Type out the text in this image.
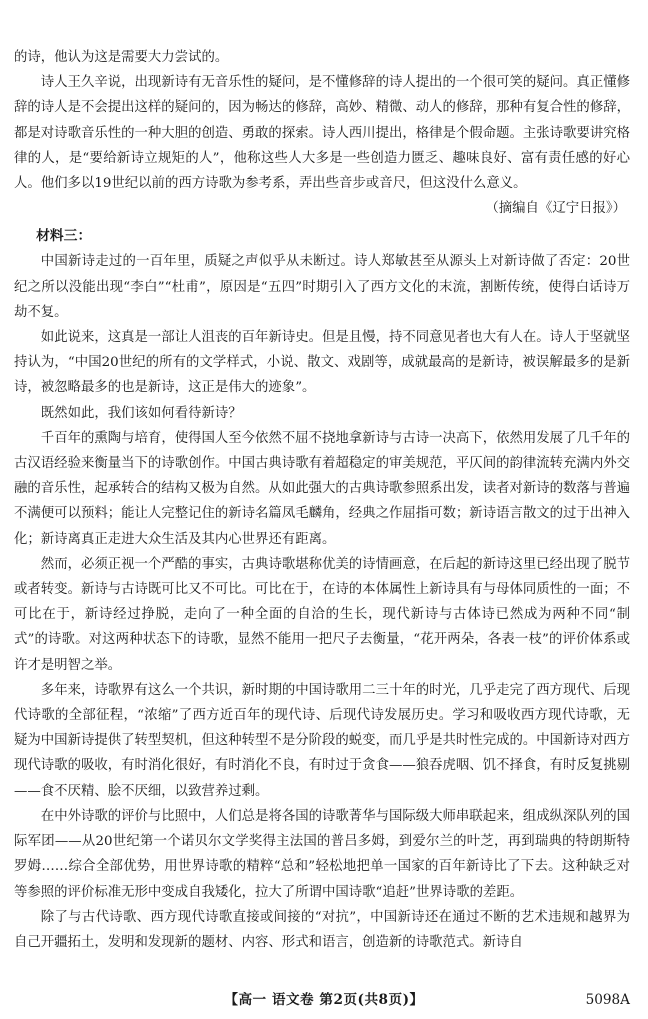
的诗，他认为这是需要大力尝试的。

诗人王久辛说，出现新诗有无音乐性的疑问，是不懂修辞的诗人提出的一个很可笑的疑问。真正懂修辞的诗人是不会提出这样的疑问的，因为畅达的修辞，高妙、精微、动人的修辞，那种有复合性的修辞，都是对诗歌音乐性的一种大胆的创造、勇敢的探索。诗人西川提出，格律是个假命题。主张诗歌要讲究格律的人，是“要给新诗立规矩的人”，他称这些人大多是一些创造力匮乏、趣味良好、富有责任感的好心人。他们多以19世纪以前的西方诗歌为参考系，弄出些音步或音尺，但这没什么意义。

（摘编自《辽宁日报》）
材料三：

中国新诗走过的一百年里，质疑之声似乎从未断过。诗人郑敏甚至从源头上对新诗做了否定：20世纪之所以没能出现“李白”“杜甫”，原因是“五四”时期引入了西方文化的末流，割断传统，使得白话诗万劫不复。

如此说来，这真是一部让人沮丧的百年新诗史。但是且慢，持不同意见者也大有人在。诗人于坚就坚持认为，“中国20世纪的所有的文学样式，小说、散文、戏剧等，成就最高的是新诗，被误解最多的是新诗，被忽略最多的也是新诗，这正是伟大的迹象”。

既然如此，我们该如何看待新诗？

千百年的熏陶与培育，使得国人至今依然不屈不挠地拿新诗与古诗一决高下，依然用发展了几千年的古汉语经验来衡量当下的诗歌创作。中国古典诗歌有着超稳定的审美规范，平仄间的韵律流转充满内外交融的音乐性，起承转合的结构又极为自然。从如此强大的古典诗歌参照系出发，读者对新诗的数落与普遍不满便可以预料；能让人完整记住的新诗名篇凤毛麟角，经典之作屈指可数；新诗语言散文的过于出神入化；新诗离真正走进大众生活及其内心世界还有距离。

然而，必须正视一个严酷的事实，古典诗歌堪称优美的诗情画意，在后起的新诗这里已经出现了脱节或者转变。新诗与古诗既可比又不可比。可比在于，在诗的本体属性上新诗具有与母体同质性的一面；不可比在于，新诗经过挣脱，走向了一种全面的自洽的生长，现代新诗与古体诗已然成为两种不同“制式”的诗歌。对这两种状态下的诗歌，显然不能用一把尺子去衡量，“花开两朵，各表一枝”的评价体系或许才是明智之举。

多年来，诗歌界有这么一个共识，新时期的中国诗歌用二三十年的时光，几乎走完了西方现代、后现代诗歌的全部征程，“浓缩”了西方近百年的现代诗、后现代诗发展历史。学习和吸收西方现代诗歌，无疑为中国新诗提供了转型契机，但这种转型不是分阶段的蜕变，而几乎是共时性完成的。中国新诗对西方现代诗歌的吸收，有时消化很好，有时消化不良，有时过于贪食——狼吞虎咽、饥不择食，有时反复挑剔——食不厌精、脍不厌细，以致营养过剩。

在中外诗歌的评价与比照中，人们总是将各国的诗歌菁华与国际级大师串联起来，组成纵深队列的国际军团——从20世纪第一个诺贝尔文学奖得主法国的普吕多姆，到爱尔兰的叶芝，再到瑞典的特朗斯特罗姆……综合全部优势，用世界诗歌的精粹“总和”轻松地把单一国家的百年新诗比了下去。这种缺乏对等参照的评价标准无形中变成自我矮化，拉大了所谓中国诗歌“追赶”世界诗歌的差距。

除了与古代诗歌、西方现代诗歌直接或间接的“对抗”，中国新诗还在通过不断的艺术违规和越界为自己开疆拓土，发明和发现新的题材、内容、形式和语言，创造新的诗歌范式。新诗自

【高一 语文卷 第2页(共8页)】	5098A
